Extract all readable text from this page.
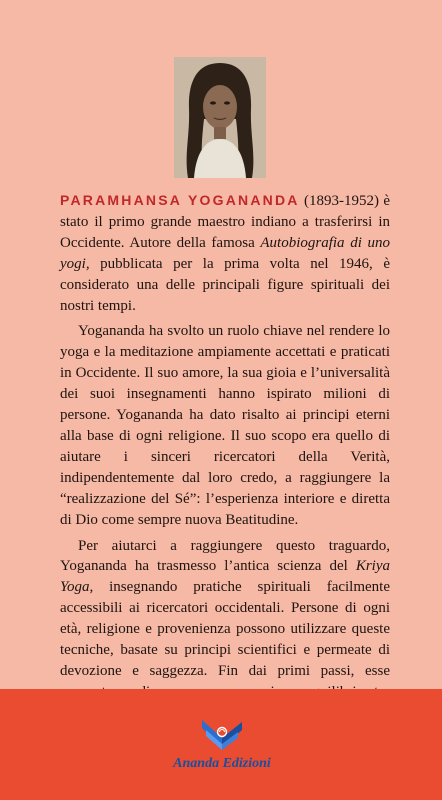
PARAMHANSA YOGANANDA (1893-1952) è stato il primo grande maestro indiano a trasferirsi in Occidente. Autore della famosa Autobiografia di uno yogi, pubblicata per la prima volta nel 1946, è considerato una delle principali figure spirituali dei nostri tempi.

Yogananda ha svolto un ruolo chiave nel rendere lo yoga e la meditazione ampiamente accettati e praticati in Occidente. Il suo amore, la sua gioia e l’universalità dei suoi insegnamenti hanno ispirato milioni di persone. Yogananda ha dato risalto ai principi eterni alla base di ogni religione. Il suo scopo era quello di aiutare i sinceri ricercatori della Verità, indipendentemente dal loro credo, a raggiungere la “realizzazione del Sé”: l’esperienza interiore e diretta di Dio come sempre nuova Beatitudine.

Per aiutarci a raggiungere questo traguardo, Yogananda ha trasmesso l’antica scienza del Kriya Yoga, insegnando pratiche spirituali facilmente accessibili ai ricercatori occidentali. Persone di ogni età, religione e provenienza possono utilizzare queste tecniche, basate su principi scientifici e permeate di devozione e saggezza. Fin dai primi passi, esse

Ananda Edizioni
